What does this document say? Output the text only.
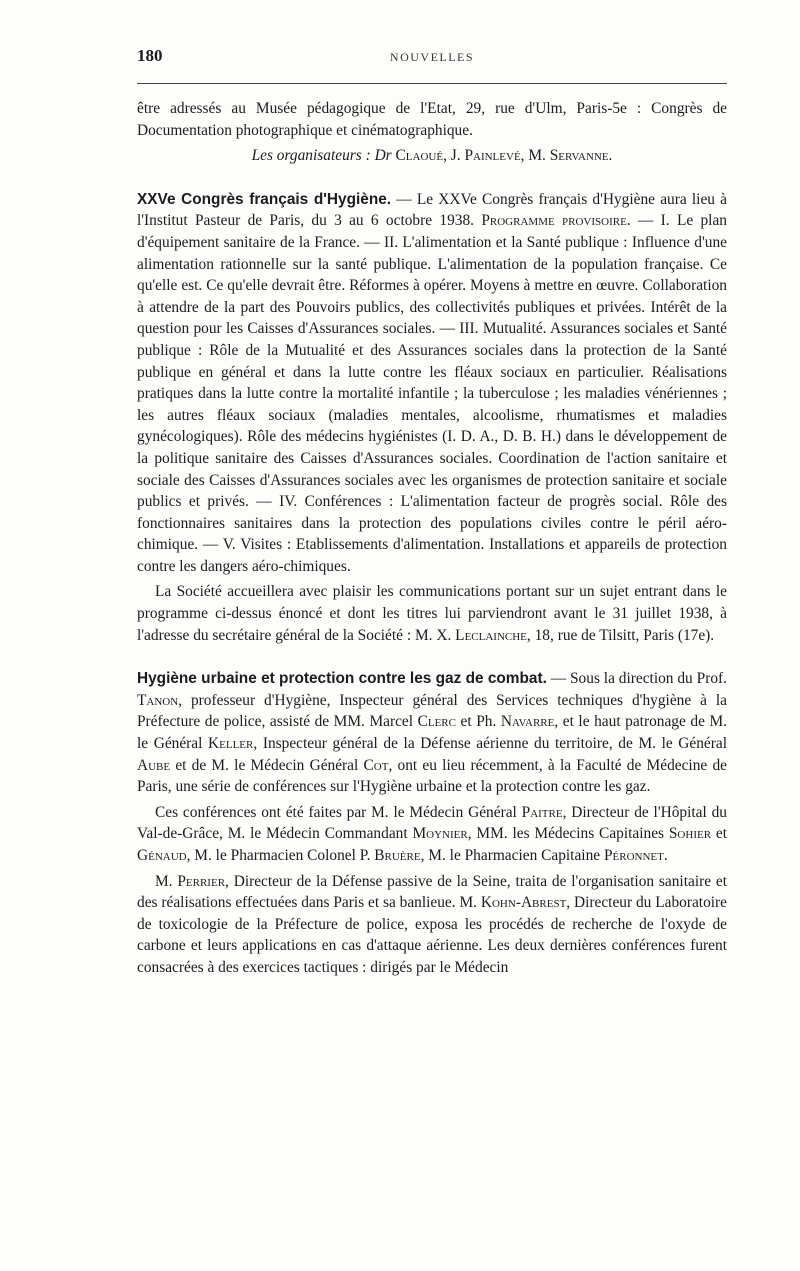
180	NOUVELLES

être adressés au Musée pédagogique de l'Etat, 29, rue d'Ulm, Paris-5e : Congrès de Documentation photographique et cinématographique.

Les organisateurs : Dr Claoué, J. Painlevé, M. Servanne.

XXVe Congrès français d'Hygiène. — Le XXVe Congrès français d'Hygiène aura lieu à l'Institut Pasteur de Paris, du 3 au 6 octobre 1938. Programme provisoire. — I. Le plan d'équipement sanitaire de la France. — II. L'alimentation et la Santé publique : Influence d'une alimentation rationnelle sur la santé publique. L'alimentation de la population française. Ce qu'elle est. Ce qu'elle devrait être. Réformes à opérer. Moyens à mettre en œuvre. Collaboration à attendre de la part des Pouvoirs publics, des collectivités publiques et privées. Intérêt de la question pour les Caisses d'Assurances sociales. — III. Mutualité. Assurances sociales et Santé publique : Rôle de la Mutualité et des Assurances sociales dans la protection de la Santé publique en général et dans la lutte contre les fléaux sociaux en particulier. Réalisations pratiques dans la lutte contre la mortalité infantile ; la tuberculose ; les maladies vénériennes ; les autres fléaux sociaux (maladies mentales, alcoolisme, rhumatismes et maladies gynécologiques). Rôle des médecins hygiénistes (I. D. A., D. B. H.) dans le développement de la politique sanitaire des Caisses d'Assurances sociales. Coordination de l'action sanitaire et sociale des Caisses d'Assurances sociales avec les organismes de protection sanitaire et sociale publics et privés. — IV. Conférences : L'alimentation facteur de progrès social. Rôle des fonctionnaires sanitaires dans la protection des populations civiles contre le péril aéro-chimique. — V. Visites : Etablissements d'alimentation. Installations et appareils de protection contre les dangers aéro-chimiques.

La Société accueillera avec plaisir les communications portant sur un sujet entrant dans le programme ci-dessus énoncé et dont les titres lui parviendront avant le 31 juillet 1938, à l'adresse du secrétaire général de la Société : M. X. Leclainche, 18, rue de Tilsitt, Paris (17e).

Hygiène urbaine et protection contre les gaz de combat. — Sous la direction du Prof. Tanon, professeur d'Hygiène, Inspecteur général des Services techniques d'hygiène à la Préfecture de police, assisté de MM. Marcel Clerc et Ph. Navarre, et le haut patronage de M. le Général Keller, Inspecteur général de la Défense aérienne du territoire, de M. le Général Aube et de M. le Médecin Général Cot, ont eu lieu récemment, à la Faculté de Médecine de Paris, une série de conférences sur l'Hygiène urbaine et la protection contre les gaz.

Ces conférences ont été faites par M. le Médecin Général Paitre, Directeur de l'Hôpital du Val-de-Grâce, M. le Médecin Commandant Moynier, MM. les Médecins Capitaines Sohier et Génaud, M. le Pharmacien Colonel P. Bruère, M. le Pharmacien Capitaine Péronnet.

M. Perrier, Directeur de la Défense passive de la Seine, traita de l'organisation sanitaire et des réalisations effectuées dans Paris et sa banlieue. M. Kohn-Abrest, Directeur du Laboratoire de toxicologie de la Préfecture de police, exposa les procédés de recherche de l'oxyde de carbone et leurs applications en cas d'attaque aérienne. Les deux dernières conférences furent consacrées à des exercices tactiques : dirigés par le Médecin
